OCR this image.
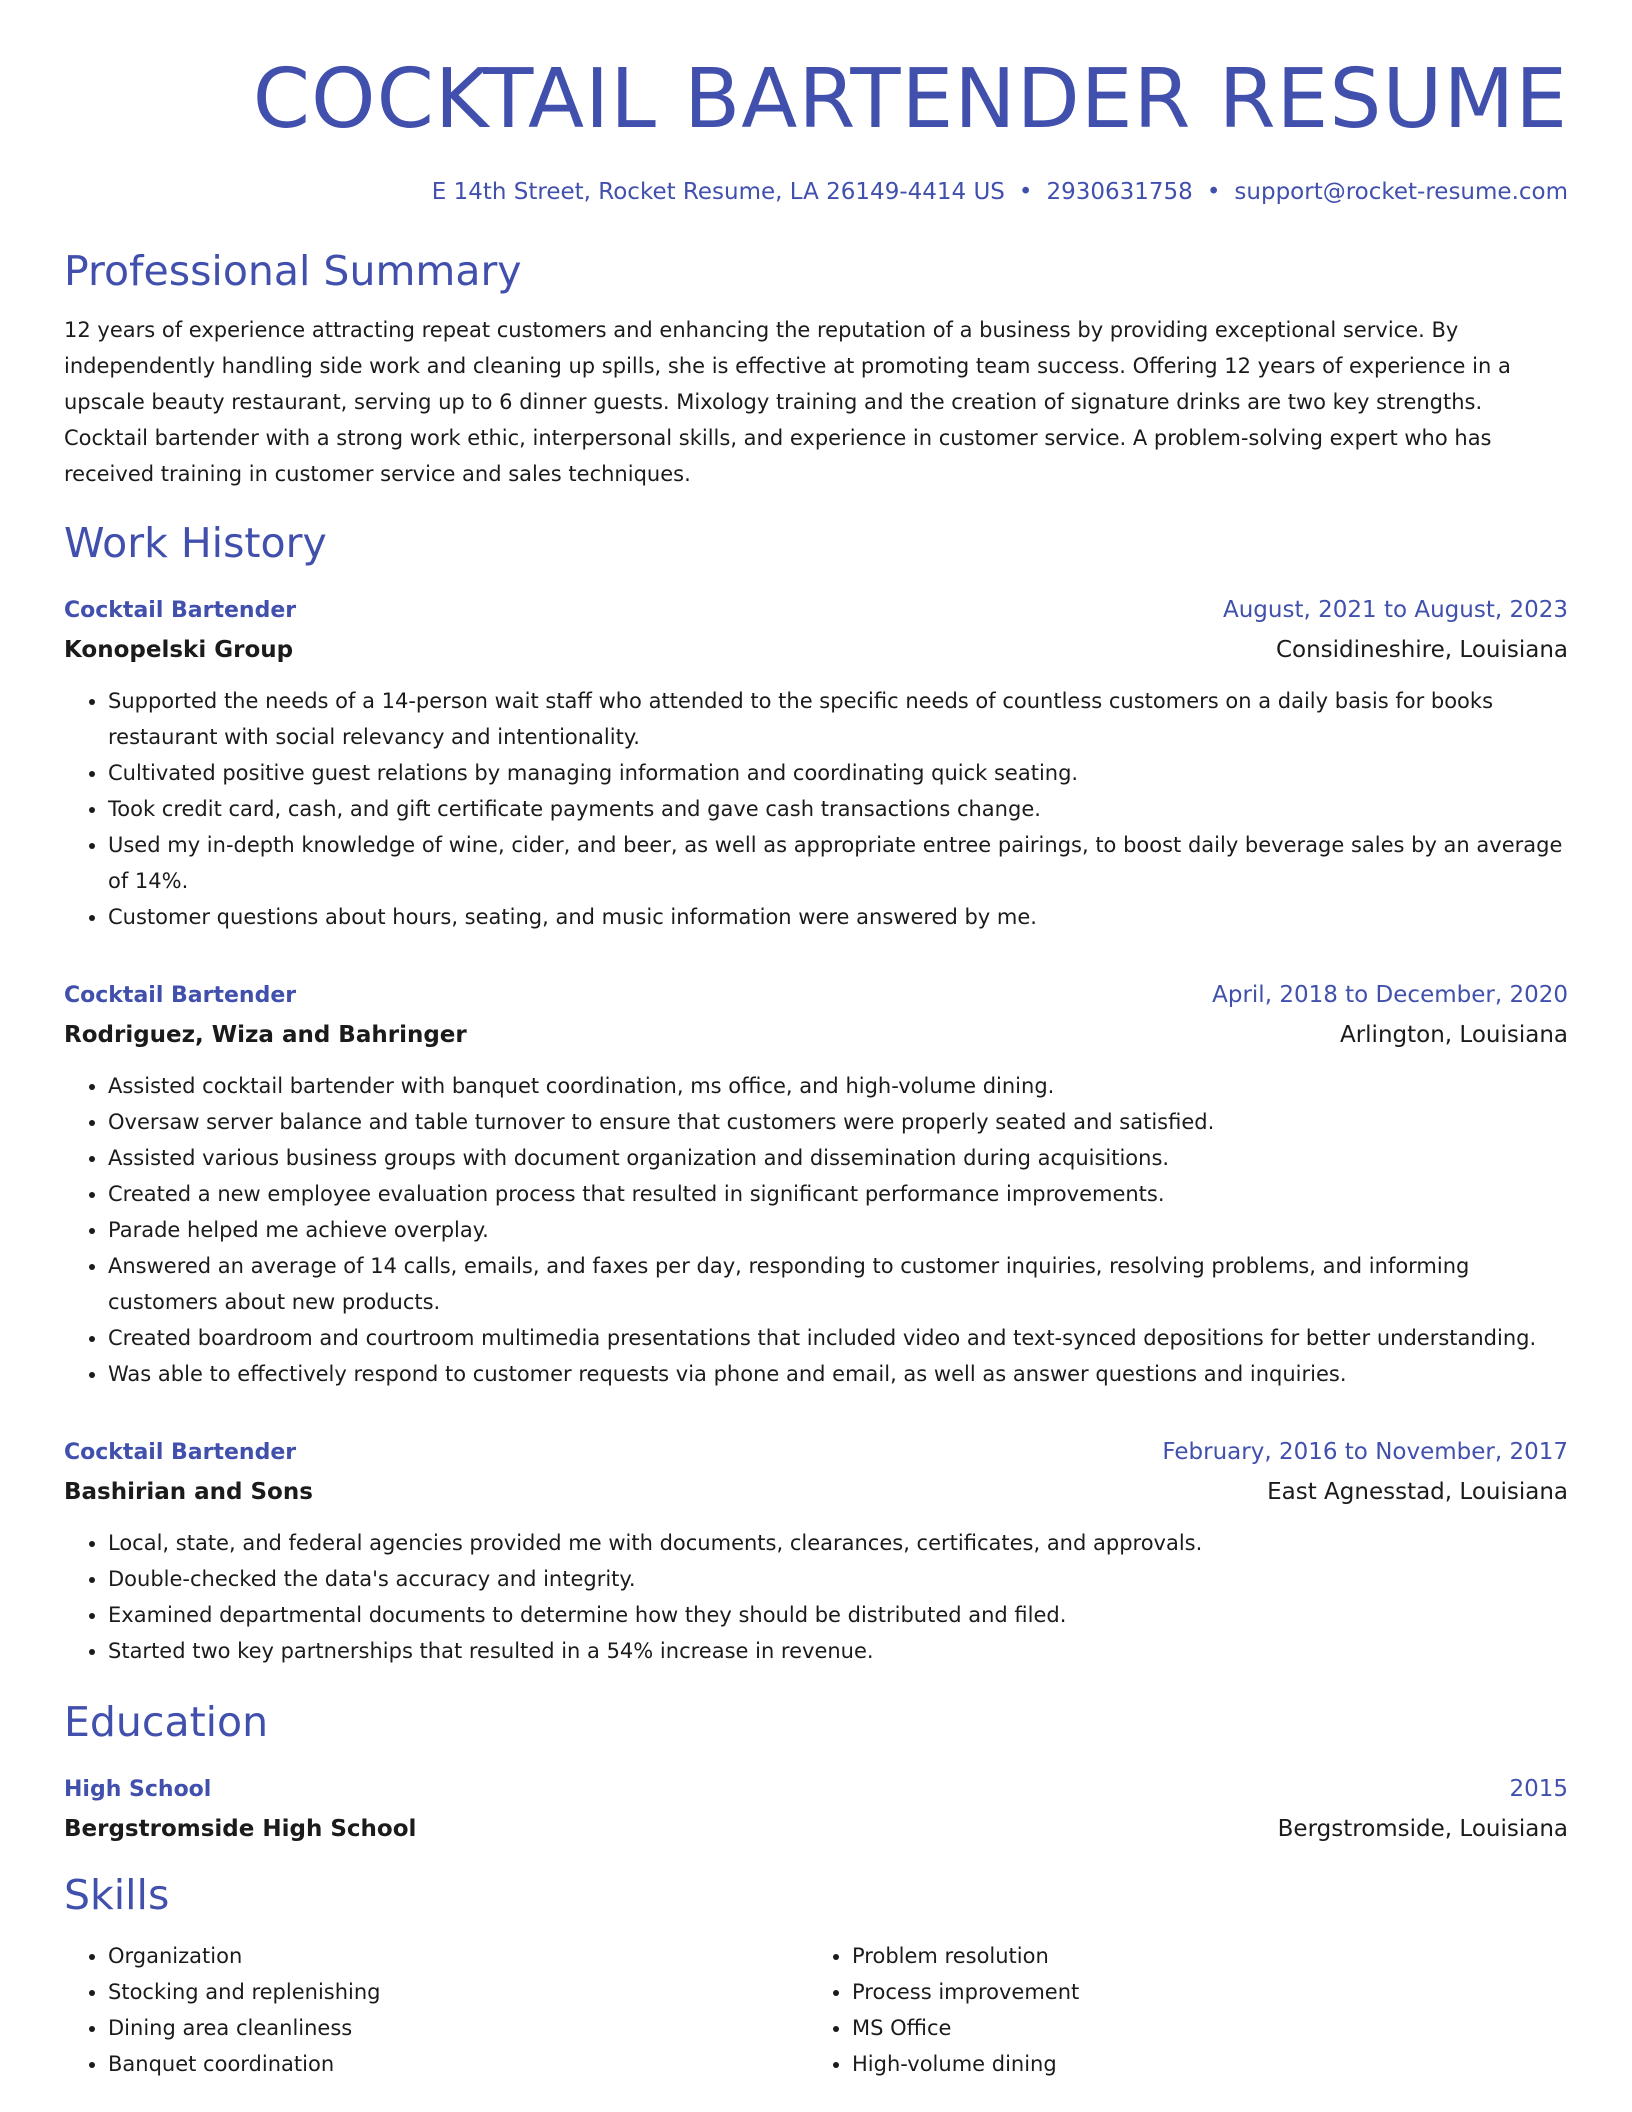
COCKTAIL BARTENDER RESUME
E 14th Street, Rocket Resume, LA 26149-4414 US • 2930631758 • support@rocket-resume.com
Professional Summary
12 years of experience attracting repeat customers and enhancing the reputation of a business by providing exceptional service. By independently handling side work and cleaning up spills, she is effective at promoting team success. Offering 12 years of experience in a upscale beauty restaurant, serving up to 6 dinner guests. Mixology training and the creation of signature drinks are two key strengths. Cocktail bartender with a strong work ethic, interpersonal skills, and experience in customer service. A problem-solving expert who has received training in customer service and sales techniques.
Work History
Cocktail Bartender	August, 2021 to August, 2023
Konopelski Group	Considineshire, Louisiana
• Supported the needs of a 14-person wait staff who attended to the specific needs of countless customers on a daily basis for books restaurant with social relevancy and intentionality.
• Cultivated positive guest relations by managing information and coordinating quick seating.
• Took credit card, cash, and gift certificate payments and gave cash transactions change.
• Used my in-depth knowledge of wine, cider, and beer, as well as appropriate entree pairings, to boost daily beverage sales by an average of 14%.
• Customer questions about hours, seating, and music information were answered by me.
Cocktail Bartender	April, 2018 to December, 2020
Rodriguez, Wiza and Bahringer	Arlington, Louisiana
• Assisted cocktail bartender with banquet coordination, ms office, and high-volume dining.
• Oversaw server balance and table turnover to ensure that customers were properly seated and satisfied.
• Assisted various business groups with document organization and dissemination during acquisitions.
• Created a new employee evaluation process that resulted in significant performance improvements.
• Parade helped me achieve overplay.
• Answered an average of 14 calls, emails, and faxes per day, responding to customer inquiries, resolving problems, and informing customers about new products.
• Created boardroom and courtroom multimedia presentations that included video and text-synced depositions for better understanding.
• Was able to effectively respond to customer requests via phone and email, as well as answer questions and inquiries.
Cocktail Bartender	February, 2016 to November, 2017
Bashirian and Sons	East Agnesstad, Louisiana
• Local, state, and federal agencies provided me with documents, clearances, certificates, and approvals.
• Double-checked the data's accuracy and integrity.
• Examined departmental documents to determine how they should be distributed and filed.
• Started two key partnerships that resulted in a 54% increase in revenue.
Education
High School	2015
Bergstromside High School	Bergstromside, Louisiana
Skills
• Organization
• Stocking and replenishing
• Dining area cleanliness
• Banquet coordination
• Problem resolution
• Process improvement
• MS Office
• High-volume dining
